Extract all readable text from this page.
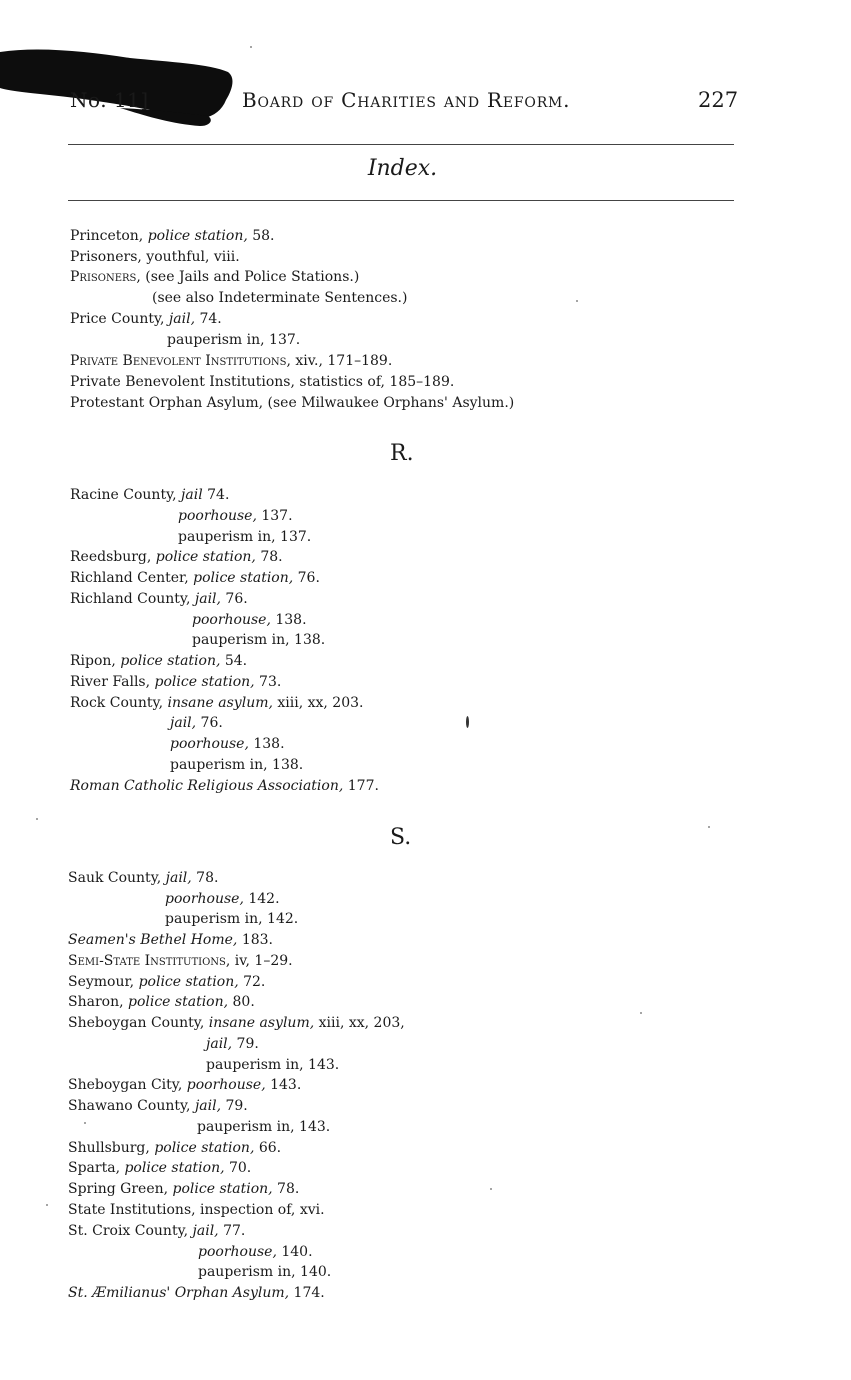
No. 11]	Board of Charities and Reform.	227
Index.
Princeton, police station, 58.
Prisoners, youthful, viii.
Prisoners, (see Jails and Police Stations.)
(see also Indeterminate Sentences.)
Price County, jail, 74.
pauperism in, 137.
Private Benevolent Institutions, xiv., 171–189.
Private Benevolent Institutions, statistics of, 185–189.
Protestant Orphan Asylum, (see Milwaukee Orphans' Asylum.)
R.
Racine County, jail 74.
poorhouse, 137.
pauperism in, 137.
Reedsburg, police station, 78.
Richland Center, police station, 76.
Richland County, jail, 76.
poorhouse, 138.
pauperism in, 138.
Ripon, police station, 54.
River Falls, police station, 73.
Rock County, insane asylum, xiii, xx, 203.
jail, 76.
poorhouse, 138.
pauperism in, 138.
Roman Catholic Religious Association, 177.
S.
Sauk County, jail, 78.
poorhouse, 142.
pauperism in, 142.
Seamen's Bethel Home, 183.
Semi-State Institutions, iv, 1–29.
Seymour, police station, 72.
Sharon, police station, 80.
Sheboygan County, insane asylum, xiii, xx, 203,
jail, 79.
pauperism in, 143.
Sheboygan City, poorhouse, 143.
Shawano County, jail, 79.
pauperism in, 143.
Shullsburg, police station, 66.
Sparta, police station, 70.
Spring Green, police station, 78.
State Institutions, inspection of, xvi.
St. Croix County, jail, 77.
poorhouse, 140.
pauperism in, 140.
St. Æmilianus' Orphan Asylum, 174.
